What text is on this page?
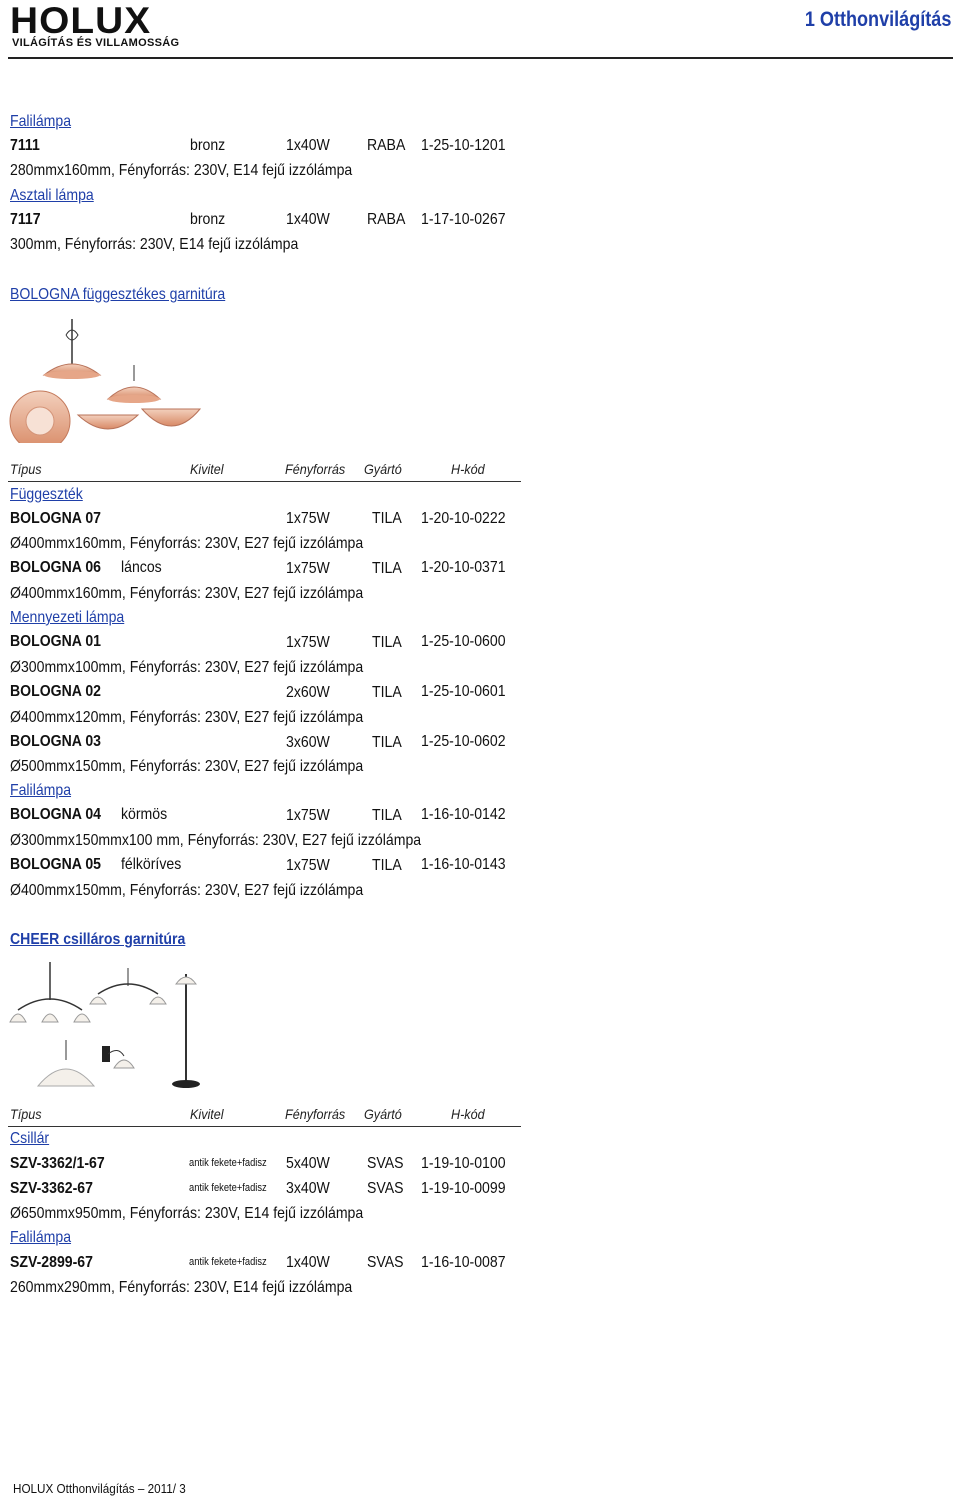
HOLUX
VILÁGÍTÁS ÉS VILLAMOSSÁG
1 Otthonvilágítás
Falilámpa
7111	bronz	1x40W RABA 1-25-10-1201
280mmx160mm, Fényforrás: 230V, E14 fejű izzólámpa
Asztali lámpa
7117	bronz	1x40W RABA 1-17-10-0267
300mm, Fényforrás: 230V, E14 fejű izzólámpa
BOLOGNA függesztékes garnitúra
Típus	Kivitel	Fényforrás Gyártó	H-kód
Függeszték
BOLOGNA 07	1x75W	TILA 1-20-10-0222
Ø400mmx160mm, Fényforrás: 230V, E27 fejű izzólámpa
BOLOGNA 06 láncos	1x75W	TILA 1-20-10-0371
Ø400mmx160mm, Fényforrás: 230V, E27 fejű izzólámpa
Mennyezeti lámpa
BOLOGNA 01	1x75W	TILA 1-25-10-0600
Ø300mmx100mm, Fényforrás: 230V, E27 fejű izzólámpa
BOLOGNA 02	2x60W	TILA 1-25-10-0601
Ø400mmx120mm, Fényforrás: 230V, E27 fejű izzólámpa
BOLOGNA 03	3x60W	TILA 1-25-10-0602
Ø500mmx150mm, Fényforrás: 230V, E27 fejű izzólámpa
Falilámpa
BOLOGNA 04 körmös	1x75W	TILA 1-16-10-0142
Ø300mmx150mmx100 mm, Fényforrás: 230V, E27 fejű izzólámpa
BOLOGNA 05 félköríves	1x75W	TILA 1-16-10-0143
Ø400mmx150mm, Fényforrás: 230V, E27 fejű izzólámpa
CHEER csilláros garnitúra
Típus	Kivitel	Fényforrás Gyártó	H-kód
Csillár
SZV-3362/1-67	antik fekete+fadisz 5x40W SVAS 1-19-10-0100
SZV-3362-67	antik fekete+fadisz 3x40W SVAS 1-19-10-0099
Ø650mmx950mm, Fényforrás: 230V, E14 fejű izzólámpa
Falilámpa
SZV-2899-67	antik fekete+fadisz 1x40W SVAS 1-16-10-0087
260mmx290mm, Fényforrás: 230V, E14 fejű izzólámpa
HOLUX Otthonvilágítás – 2011/ 3
